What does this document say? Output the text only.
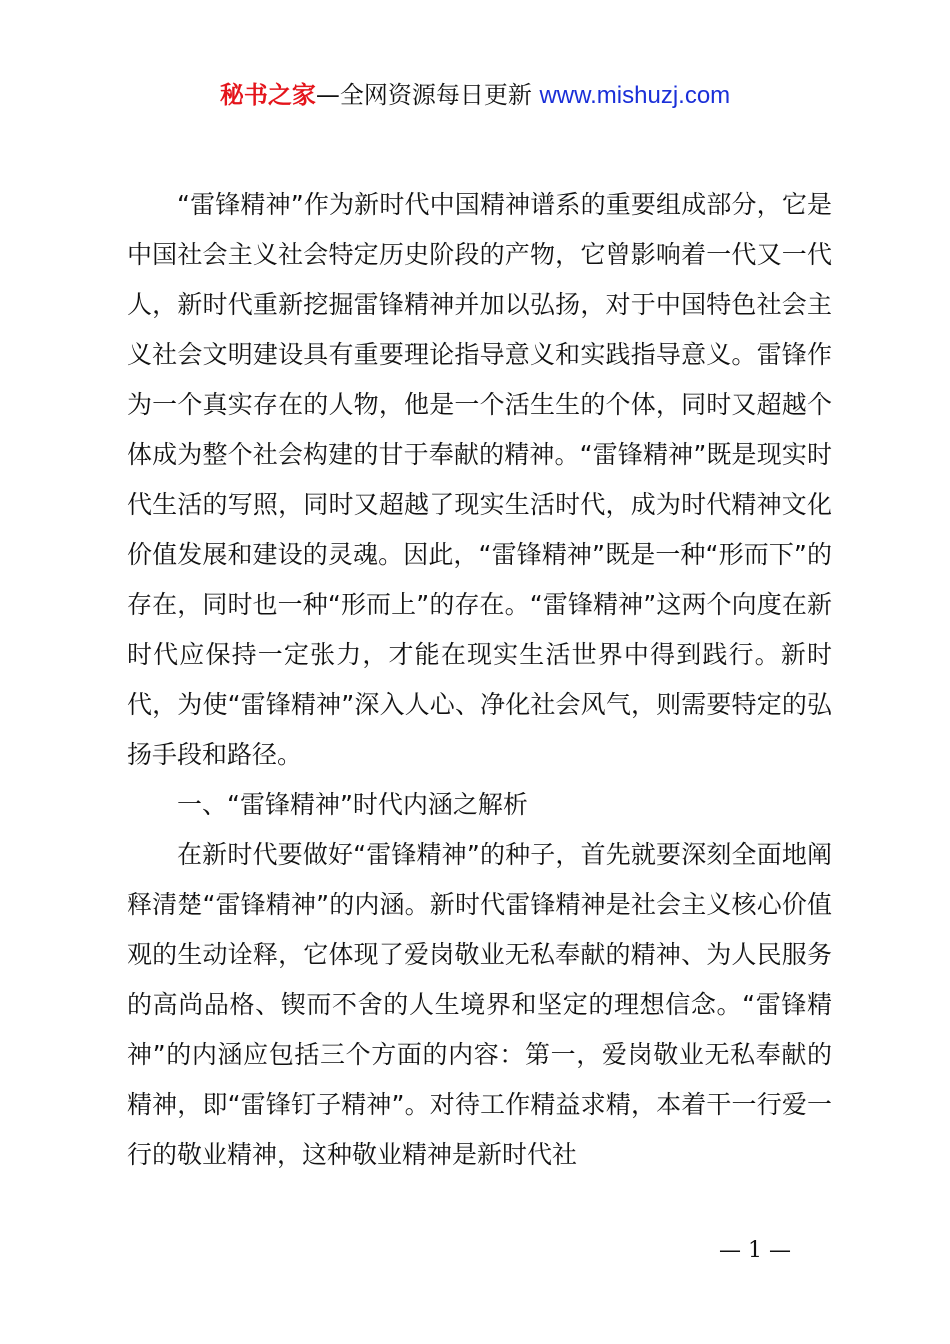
秘书之家—全网资源每日更新 www.mishuzj.com

“雷锋精神”作为新时代中国精神谱系的重要组成部分，它是中国社会主义社会特定历史阶段的产物，它曾影响着一代又一代人，新时代重新挖掘雷锋精神并加以弘扬，对于中国特色社会主义社会文明建设具有重要理论指导意义和实践指导意义。雷锋作为一个真实存在的人物，他是一个活生生的个体，同时又超越个体成为整个社会构建的甘于奉献的精神。“雷锋精神”既是现实时代生活的写照，同时又超越了现实生活时代，成为时代精神文化价值发展和建设的灵魂。因此，“雷锋精神”既是一种“形而下”的存在，同时也一种“形而上”的存在。“雷锋精神”这两个向度在新时代应保持一定张力，才能在现实生活世界中得到践行。新时代，为使“雷锋精神”深入人心、净化社会风气，则需要特定的弘扬手段和路径。

一、“雷锋精神”时代内涵之解析

在新时代要做好“雷锋精神”的种子，首先就要深刻全面地阐释清楚“雷锋精神”的内涵。新时代雷锋精神是社会主义核心价值观的生动诠释，它体现了爱岗敬业无私奉献的精神、为人民服务的高尚品格、锲而不舍的人生境界和坚定的理想信念。“雷锋精神”的内涵应包括三个方面的内容：第一，爱岗敬业无私奉献的精神，即“雷锋钉子精神”。对待工作精益求精，本着干一行爱一行的敬业精神，这种敬业精神是新时代社

— 1 —
